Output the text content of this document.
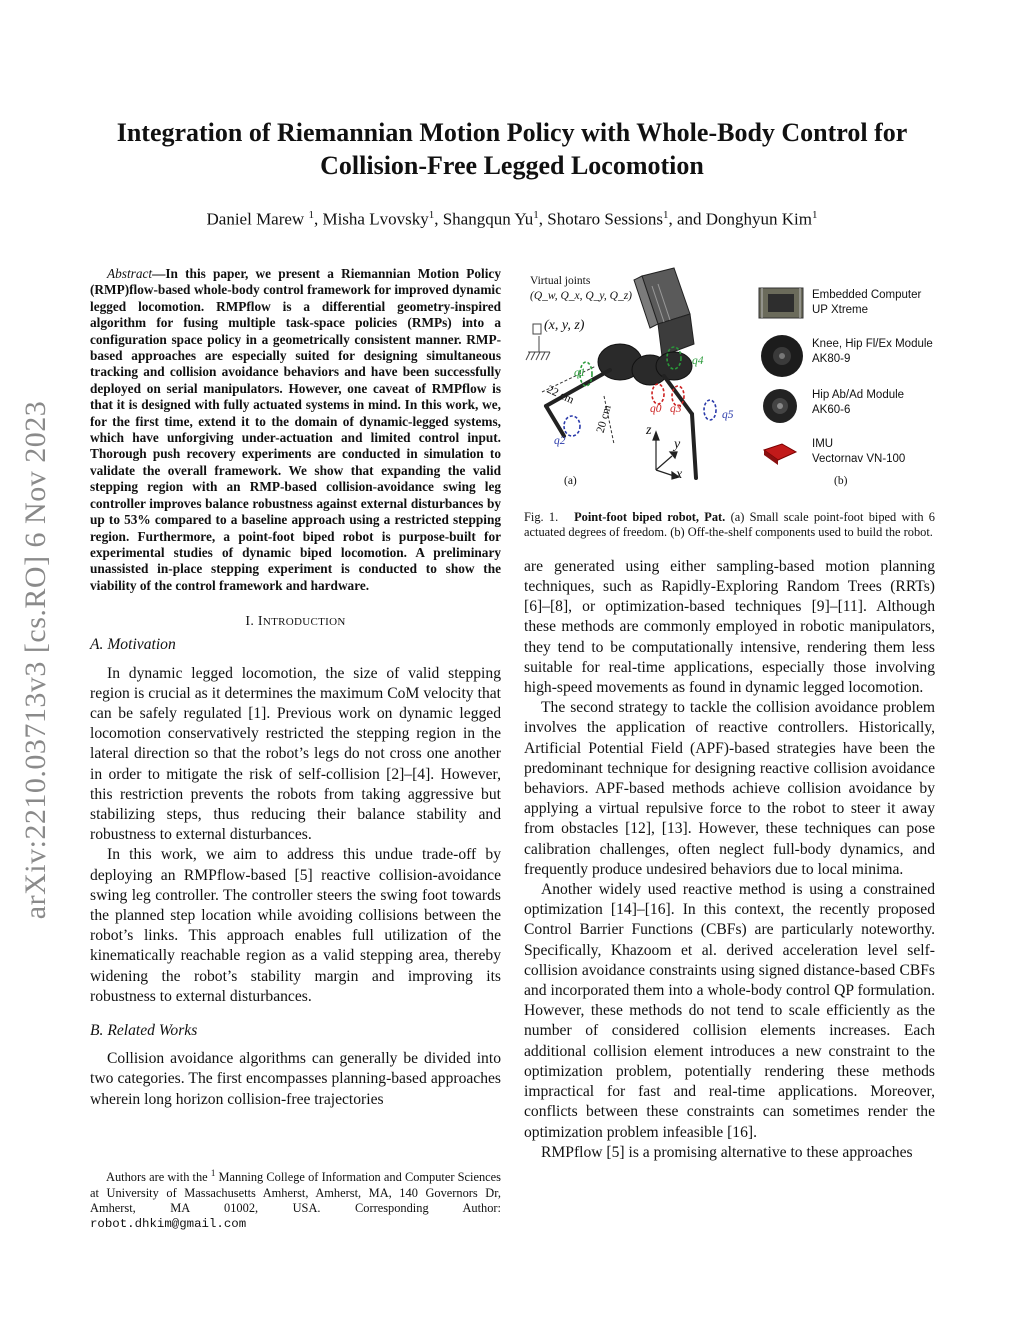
arXiv:2210.03713v3 [cs.RO] 6 Nov 2023
Integration of Riemannian Motion Policy with Whole-Body Control for Collision-Free Legged Locomotion

Daniel Marew $^1$, Misha Lvovsky$^1$, Shangqun Yu$^1$, Shotaro Sessions$^1$, and Donghyun Kim$^1$

Abstract—In this paper, we present a Riemannian Motion Policy (RMP)flow-based whole-body control framework for improved dynamic legged locomotion. RMPflow is a differential geometry-inspired algorithm for fusing multiple task-space policies (RMPs) into a configuration space policy in a geometrically consistent manner. RMP-based approaches are especially suited for designing simultaneous tracking and collision avoidance behaviors and have been successfully deployed on serial manipulators. However, one caveat of RMPflow is that it is designed with fully actuated systems in mind. In this work, we, for the first time, extend it to the domain of dynamic-legged systems, which have unforgiving under-actuation and limited control input. Thorough push recovery experiments are conducted in simulation to validate the overall framework. We show that expanding the valid stepping region with an RMP-based collision-avoidance swing leg controller improves balance robustness against external disturbances by up to 53% compared to a baseline approach using a restricted stepping region. Furthermore, a point-foot biped robot is purpose-built for experimental studies of dynamic biped locomotion. A preliminary unassisted in-place stepping experiment is conducted to show the viability of the control framework and hardware.

I. INTRODUCTION
A. Motivation

In dynamic legged locomotion, the size of valid stepping region is crucial as it determines the maximum CoM velocity that can be safely regulated [1]. Previous work on dynamic legged locomotion conservatively restricted the stepping region in the lateral direction so that the robot’s legs do not cross one another in order to mitigate the risk of self-collision [2]–[4]. However, this restriction prevents the robots from taking aggressive but stabilizing steps, thus reducing their balance stability and robustness to external disturbances.

In this work, we aim to address this undue trade-off by deploying an RMPflow-based [5] reactive collision-avoidance swing leg controller. The controller steers the swing foot towards the planned step location while avoiding collisions between the robot’s links. This approach enables full utilization of the kinematically reachable region as a valid stepping area, thereby widening the robot’s stability margin and improving its robustness to external disturbances.

B. Related Works

Collision avoidance algorithms can generally be divided into two categories. The first encompasses planning-based approaches wherein long horizon collision-free trajectories

Authors are with the $^1$ Manning College of Information and Computer Sciences at University of Massachusetts Amherst, Amherst, MA, 140 Governors Dr, Amherst, MA 01002, USA. Corresponding Author: robot.dhkim@gmail.com
Virtual joints
(Q_w, Q_x, Q_y, Q_z)
(x, y, z)
q1
q4
q2
q5
q0 q3
22 cm
20 cm z
y
x
(a)	(b)
Embedded Computer
UP Xtreme
Knee, Hip Fl/Ex Module
AK80-9
Hip Ab/Ad Module
AK60-6
IMU
Vectornav VN-100

Fig. 1. Point-foot biped robot, Pat. (a) Small scale point-foot biped with 6 actuated degrees of freedom. (b) Off-the-shelf components used to build the robot.

are generated using either sampling-based motion planning techniques, such as Rapidly-Exploring Random Trees (RRTs) [6]–[8], or optimization-based techniques [9]–[11]. Although these methods are commonly employed in robotic manipulators, they tend to be computationally intensive, rendering them less suitable for real-time applications, especially those involving high-speed movements as found in dynamic legged locomotion.

The second strategy to tackle the collision avoidance problem involves the application of reactive controllers. Historically, Artificial Potential Field (APF)-based strategies have been the predominant technique for designing reactive collision avoidance behaviors. APF-based methods achieve collision avoidance by applying a virtual repulsive force to the robot to steer it away from obstacles [12], [13]. However, these techniques can pose calibration challenges, often neglect full-body dynamics, and frequently produce undesired behaviors due to local minima.

Another widely used reactive method is using a constrained optimization [14]–[16]. In this context, the recently proposed Control Barrier Functions (CBFs) are particularly noteworthy. Specifically, Khazoom et al. derived acceleration level self-collision avoidance constraints using signed distance-based CBFs and incorporated them into a whole-body control QP formulation. However, these methods do not tend to scale efficiently as the number of considered collision elements increases. Each additional collision element introduces a new constraint to the optimization problem, potentially rendering these methods impractical for fast and real-time applications. Moreover, conflicts between these constraints can sometimes render the optimization problem infeasible [16].

RMPflow [5] is a promising alternative to these approaches
